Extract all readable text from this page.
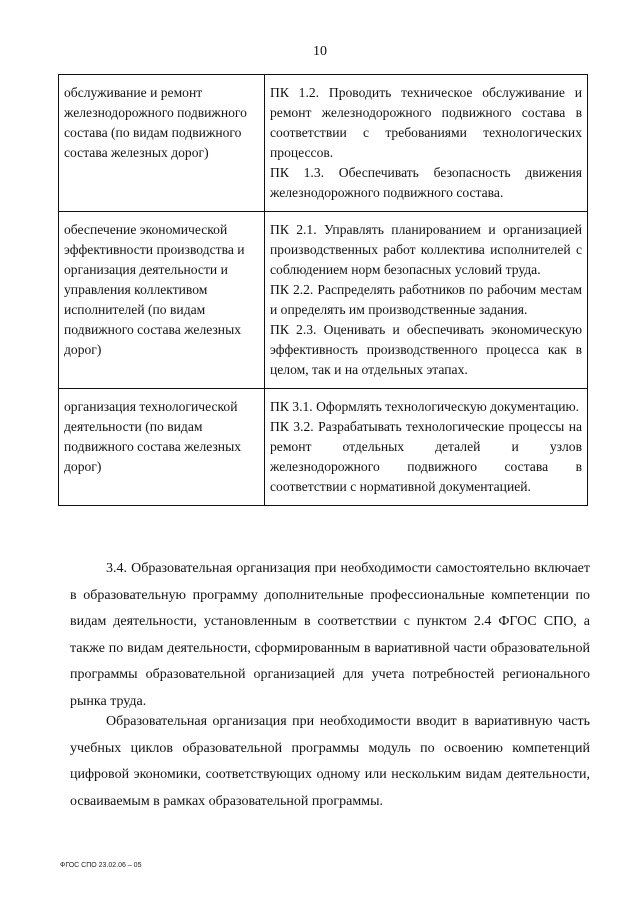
10
обслуживание и ремонт железнодорожного подвижного состава (по видам подвижного состава железных дорог)	ПК 1.2. Проводить техническое обслуживание и ремонт железнодорожного подвижного состава в соответствии с требованиями технологических процессов.
ПК 1.3. Обеспечивать безопасность движения железнодорожного подвижного состава.

обеспечение экономической эффективности производства и организация деятельности и управления коллективом исполнителей (по видам подвижного состава железных дорог)	ПК 2.1. Управлять планированием и организацией производственных работ коллектива исполнителей с соблюдением норм безопасных условий труда.
ПК 2.2. Распределять работников по рабочим местам и определять им производственные задания.
ПК 2.3. Оценивать и обеспечивать экономическую эффективность производственного процесса как в целом, так и на отдельных этапах.

организация технологической деятельности (по видам подвижного состава железных дорог)	ПК 3.1. Оформлять технологическую документацию.
ПК 3.2. Разрабатывать технологические процессы на ремонт отдельных деталей и узлов железнодорожного подвижного состава в соответствии с нормативной документацией.

3.4. Образовательная организация при необходимости самостоятельно включает в образовательную программу дополнительные профессиональные компетенции по видам деятельности, установленным в соответствии с пунктом 2.4 ФГОС СПО, а также по видам деятельности, сформированным в вариативной части образовательной программы образовательной организацией для учета потребностей регионального рынка труда.

Образовательная организация при необходимости вводит в вариативную часть учебных циклов образовательной программы модуль по освоению компетенций цифровой экономики, соответствующих одному или нескольким видам деятельности, осваиваемым в рамках образовательной программы.

ФГОС СПО 23.02.06 – 05
